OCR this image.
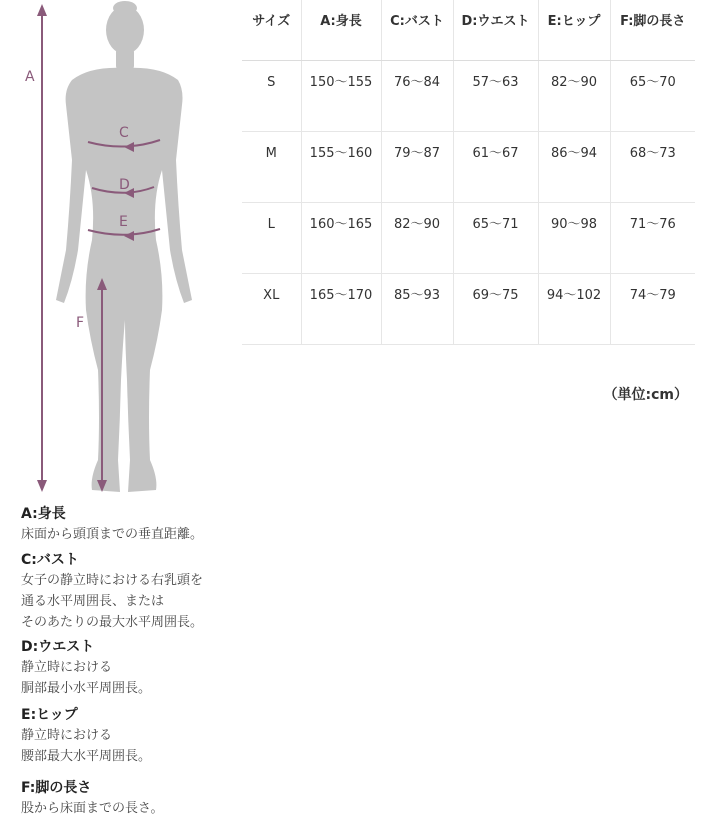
A
C
D
E
F
サイズ	A:身長	C:バスト	D:ウエスト	E:ヒップ	F:脚の長さ
S	150〜155	76〜84	57〜63	82〜90	65〜70
M	155〜160	79〜87	61〜67	86〜94	68〜73
L	160〜165	82〜90	65〜71	90〜98	71〜76
XL	165〜170	85〜93	69〜75	94〜102	74〜79
（単位:cm）
A:身長
床面から頭頂までの垂直距離。
C:バスト
女子の静立時における右乳頭を
通る水平周囲長、または
そのあたりの最大水平周囲長。
D:ウエスト
静立時における
胴部最小水平周囲長。
E:ヒップ
静立時における
腰部最大水平周囲長。
F:脚の長さ
股から床面までの長さ。
